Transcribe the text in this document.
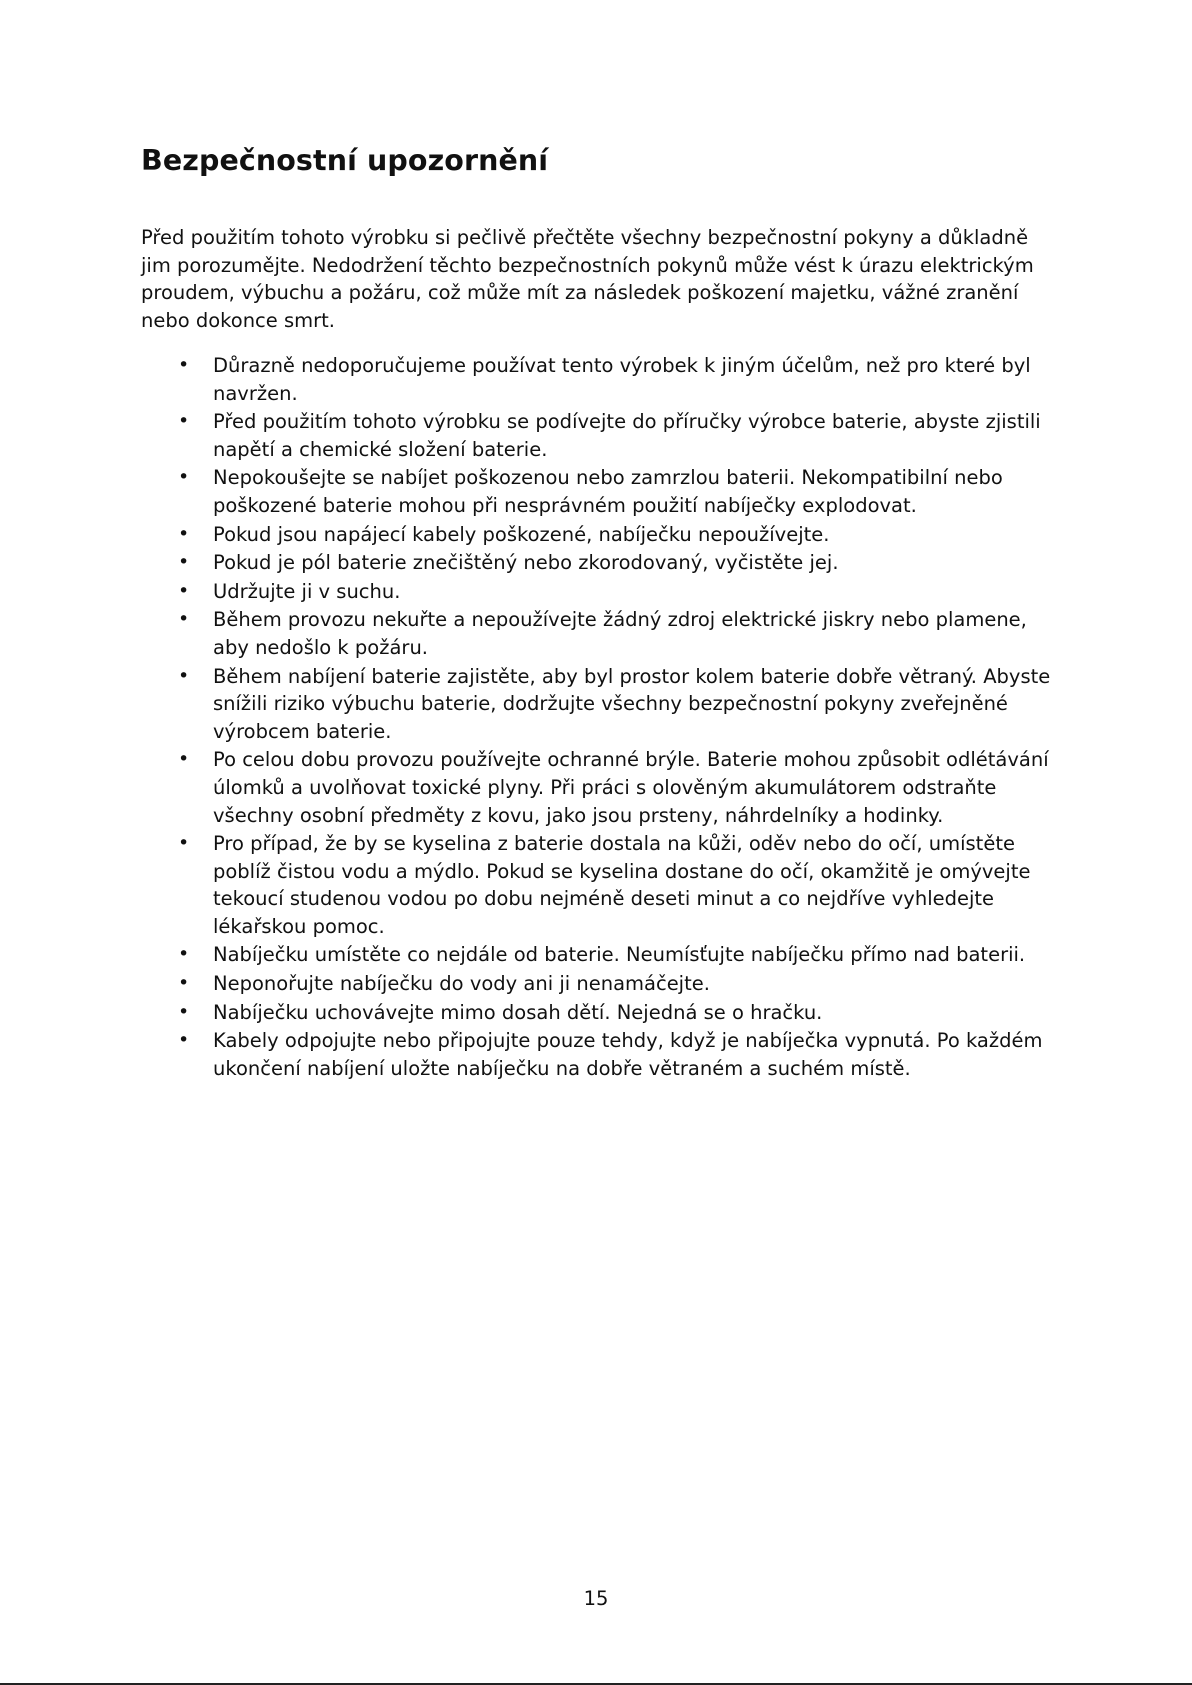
Bezpečnostní upozornění

Před použitím tohoto výrobku si pečlivě přečtěte všechny bezpečnostní pokyny a důkladně jim porozumějte. Nedodržení těchto bezpečnostních pokynů může vést k úrazu elektrickým proudem, výbuchu a požáru, což může mít za následek poškození majetku, vážné zranění nebo dokonce smrt.

• Důrazně nedoporučujeme používat tento výrobek k jiným účelům, než pro které byl navržen.
• Před použitím tohoto výrobku se podívejte do příručky výrobce baterie, abyste zjistili napětí a chemické složení baterie.
• Nepokoušejte se nabíjet poškozenou nebo zamrzlou baterii. Nekompatibilní nebo poškozené baterie mohou při nesprávném použití nabíječky explodovat.
• Pokud jsou napájecí kabely poškozené, nabíječku nepoužívejte.
• Pokud je pól baterie znečištěný nebo zkorodovaný, vyčistěte jej.
• Udržujte ji v suchu.
• Během provozu nekuřte a nepoužívejte žádný zdroj elektrické jiskry nebo plamene, aby nedošlo k požáru.
• Během nabíjení baterie zajistěte, aby byl prostor kolem baterie dobře větraný. Abyste snížili riziko výbuchu baterie, dodržujte všechny bezpečnostní pokyny zveřejněné výrobcem baterie.
• Po celou dobu provozu používejte ochranné brýle. Baterie mohou způsobit odlétávání úlomků a uvolňovat toxické plyny. Při práci s olověným akumulátorem odstraňte všechny osobní předměty z kovu, jako jsou prsteny, náhrdelníky a hodinky.
• Pro případ, že by se kyselina z baterie dostala na kůži, oděv nebo do očí, umístěte poblíž čistou vodu a mýdlo. Pokud se kyselina dostane do očí, okamžitě je omývejte tekoucí studenou vodou po dobu nejméně deseti minut a co nejdříve vyhledejte lékařskou pomoc.
• Nabíječku umístěte co nejdále od baterie. Neumísťujte nabíječku přímo nad baterii.
• Neponořujte nabíječku do vody ani ji nenamáčejte.
• Nabíječku uchovávejte mimo dosah dětí. Nejedná se o hračku.
• Kabely odpojujte nebo připojujte pouze tehdy, když je nabíječka vypnutá. Po každém ukončení nabíjení uložte nabíječku na dobře větraném a suchém místě.
15
